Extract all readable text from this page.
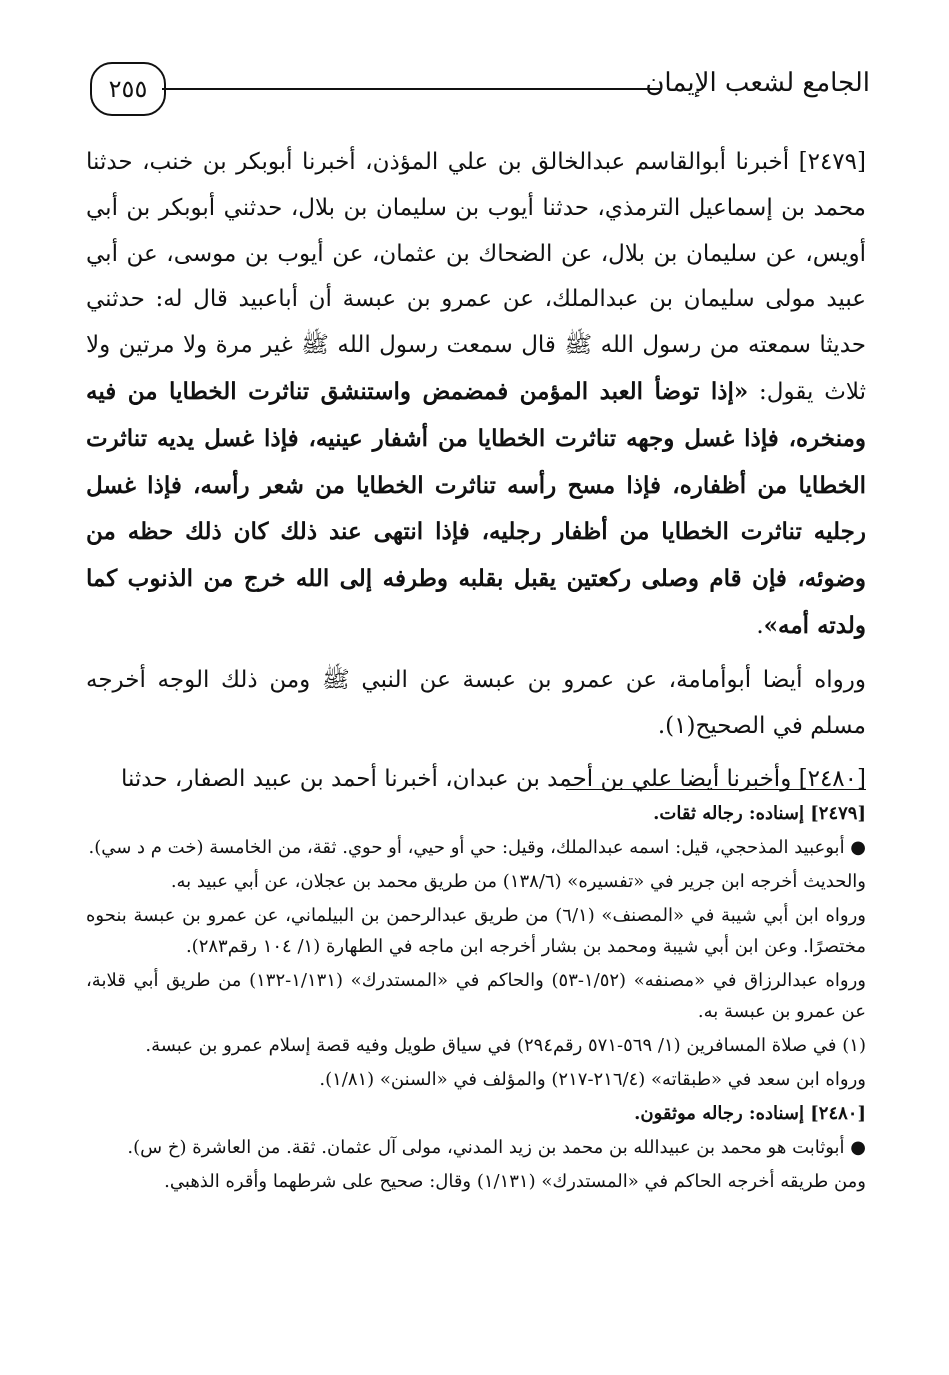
٢٥٥	الجامع لشعب الإيمان

[٢٤٧٩] أخبرنا أبوالقاسم عبدالخالق بن علي المؤذن، أخبرنا أبوبكر بن خنب، حدثنا محمد بن إسماعيل الترمذي، حدثنا أيوب بن سليمان بن بلال، حدثني أبوبكر بن أبي أويس، عن سليمان بن بلال، عن الضحاك بن عثمان، عن أيوب بن موسى، عن أبي عبيد مولى سليمان بن عبدالملك، عن عمرو بن عبسة أن أباعبيد قال له: حدثني حديثا سمعته من رسول الله ﷺ قال سمعت رسول الله ﷺ غير مرة ولا مرتين ولا ثلاث يقول: «إذا توضأ العبد المؤمن فمضمض واستنشق تناثرت الخطايا من فيه ومنخره، فإذا غسل وجهه تناثرت الخطايا من أشفار عينيه، فإذا غسل يديه تناثرت الخطايا من أظفاره، فإذا مسح رأسه تناثرت الخطايا من شعر رأسه، فإذا غسل رجليه تناثرت الخطايا من أظفار رجليه، فإذا انتهى عند ذلك كان ذلك حظه من وضوئه، فإن قام وصلى ركعتين يقبل بقلبه وطرفه إلى الله خرج من الذنوب كما ولدته أمه».

ورواه أيضا أبوأمامة، عن عمرو بن عبسة عن النبي ﷺ ومن ذلك الوجه أخرجه مسلم في الصحيح(١).

[٢٤٨٠] وأخبرنا أيضا علي بن أحمد بن عبدان، أخبرنا أحمد بن عبيد الصفار، حدثنا

[٢٤٧٩] إسناده: رجاله ثقات.

● أبوعبيد المذحجي، قيل: اسمه عبدالملك، وقيل: حي أو حيي، أو حوي. ثقة، من الخامسة (خت م د سي).

والحديث أخرجه ابن جرير في «تفسيره» (١٣٨/٦) من طريق محمد بن عجلان، عن أبي عبيد به.

ورواه ابن أبي شيبة في «المصنف» (٦/١) من طريق عبدالرحمن بن البيلماني، عن عمرو بن عبسة بنحوه مختصرًا. وعن ابن أبي شيبة ومحمد بن بشار أخرجه ابن ماجه في الطهارة (١/ ١٠٤ رقم٢٨٣).

ورواه عبدالرزاق في «مصنفه» (١/٥٢-٥٣) والحاكم في «المستدرك» (١/١٣١-١٣٢) من طريق أبي قلابة، عن عمرو بن عبسة به.

(١) في صلاة المسافرين (١/ ٥٦٩-٥٧١ رقم٢٩٤) في سياق طويل وفيه قصة إسلام عمرو بن عبسة.

ورواه ابن سعد في «طبقاته» (٢١٦/٤-٢١٧) والمؤلف في «السنن» (١/٨١).

[٢٤٨٠] إسناده: رجاله موثقون.

● أبوثابت هو محمد بن عبيدالله بن محمد بن زيد المدني، مولى آل عثمان. ثقة. من العاشرة (خ س).

ومن طريقه أخرجه الحاكم في «المستدرك» (١/١٣١) وقال: صحيح على شرطهما وأقره الذهبي.
